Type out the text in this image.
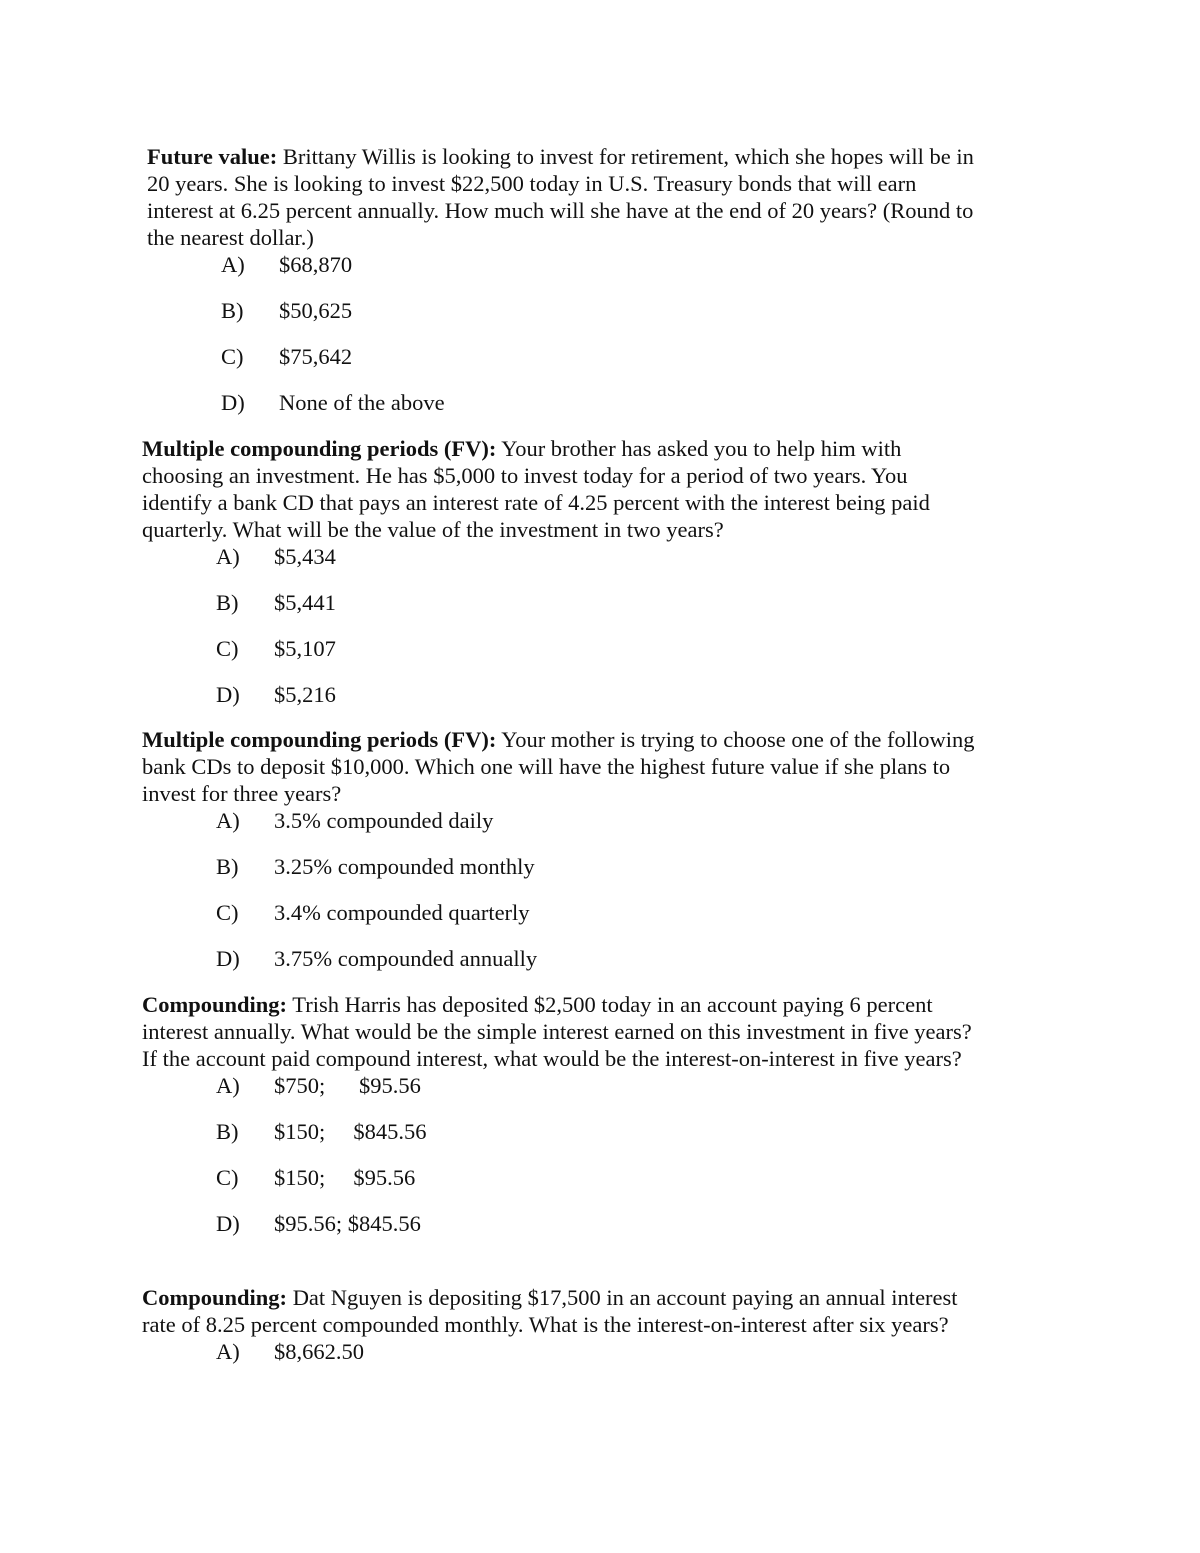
Future value: Brittany Willis is looking to invest for retirement, which she hopes will be in 20 years. She is looking to invest $22,500 today in U.S. Treasury bonds that will earn interest at 6.25 percent annually. How much will she have at the end of 20 years? (Round to the nearest dollar.)

A)	$68,870
B)	$50,625
C)	$75,642
D)	None of the above

Multiple compounding periods (FV): Your brother has asked you to help him with choosing an investment. He has $5,000 to invest today for a period of two years. You identify a bank CD that pays an interest rate of 4.25 percent with the interest being paid quarterly. What will be the value of the investment in two years?

A)	$5,434
B)	$5,441
C)	$5,107
D)	$5,216

Multiple compounding periods (FV): Your mother is trying to choose one of the following bank CDs to deposit $10,000. Which one will have the highest future value if she plans to invest for three years?

A)	3.5% compounded daily
B)	3.25% compounded monthly
C)	3.4% compounded quarterly
D)	3.75% compounded annually

Compounding: Trish Harris has deposited $2,500 today in an account paying 6 percent interest annually. What would be the simple interest earned on this investment in five years? If the account paid compound interest, what would be the interest-on-interest in five years?

A)	$750;      $95.56
B)	$150;     $845.56
C)	$150;     $95.56
D)	$95.56; $845.56

Compounding: Dat Nguyen is depositing $17,500 in an account paying an annual interest rate of 8.25 percent compounded monthly. What is the interest-on-interest after six years?

A)	$8,662.50
